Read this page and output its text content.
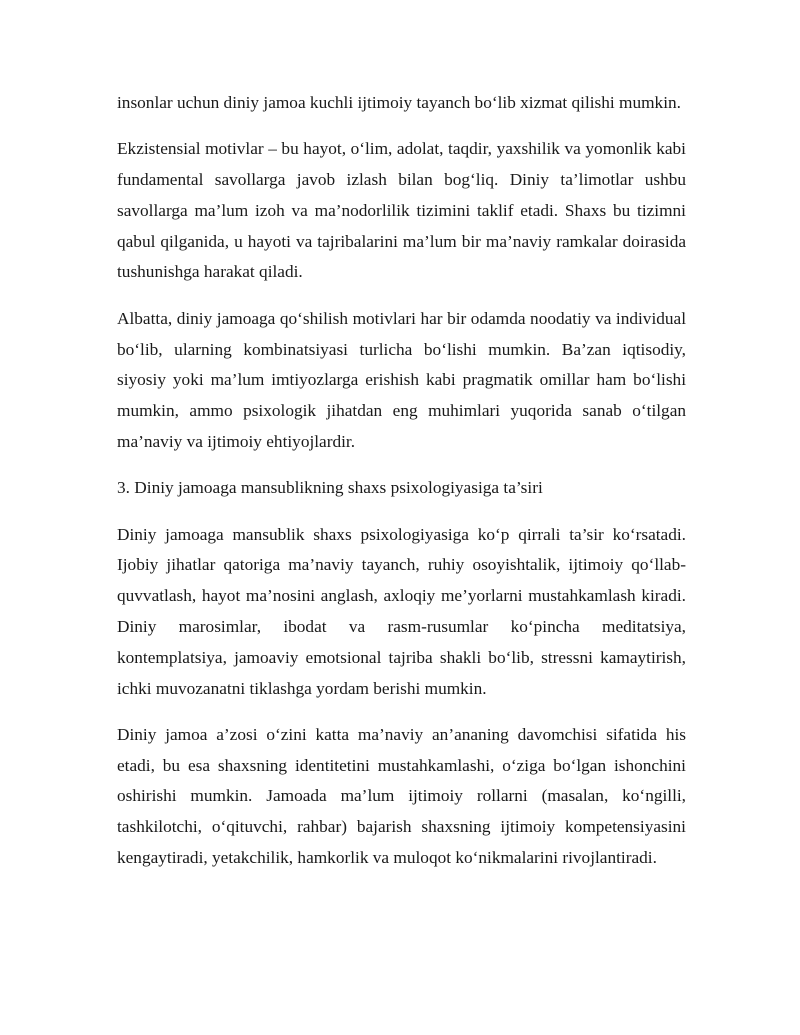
insonlar uchun diniy jamoa kuchli ijtimoiy tayanch bo‘lib xizmat qilishi mumkin.

Ekzistensial motivlar – bu hayot, o‘lim, adolat, taqdir, yaxshilik va yomonlik kabi fundamental savollarga javob izlash bilan bog‘liq. Diniy ta’limotlar ushbu savollarga ma’lum izoh va ma’nodorlilik tizimini taklif etadi. Shaxs bu tizimni qabul qilganida, u hayoti va tajribalarini ma’lum bir ma’naviy ramkalar doirasida tushunishga harakat qiladi.

Albatta, diniy jamoaga qo‘shilish motivlari har bir odamda noodatiy va individual bo‘lib, ularning kombinatsiyasi turlicha bo‘lishi mumkin. Ba’zan iqtisodiy, siyosiy yoki ma’lum imtiyozlarga erishish kabi pragmatik omillar ham bo‘lishi mumkin, ammo psixologik jihatdan eng muhimlari yuqorida sanab o‘tilgan ma’naviy va ijtimoiy ehtiyojlardir.

3. Diniy jamoaga mansublikning shaxs psixologiyasiga ta’siri

Diniy jamoaga mansublik shaxs psixologiyasiga ko‘p qirrali ta’sir ko‘rsatadi. Ijobiy jihatlar qatoriga ma’naviy tayanch, ruhiy osoyishtalik, ijtimoiy qo‘llab-quvvatlash, hayot ma’nosini anglash, axloqiy me’yorlarni mustahkamlash kiradi. Diniy marosimlar, ibodat va rasm-rusumlar ko‘pincha meditatsiya, kontemplatsiya, jamoaviy emotsional tajriba shakli bo‘lib, stressni kamaytirish, ichki muvozanatni tiklashga yordam berishi mumkin.

Diniy jamoa a’zosi o‘zini katta ma’naviy an’ananing davomchisi sifatida his etadi, bu esa shaxsning identitetini mustahkamlashi, o‘ziga bo‘lgan ishonchini oshirishi mumkin. Jamoada ma’lum ijtimoiy rollarni (masalan, ko‘ngilli, tashkilotchi, o‘qituvchi, rahbar) bajarish shaxsning ijtimoiy kompetensiyasini kengaytiradi, yetakchilik, hamkorlik va muloqot ko‘nikmalarini rivojlantiradi.
